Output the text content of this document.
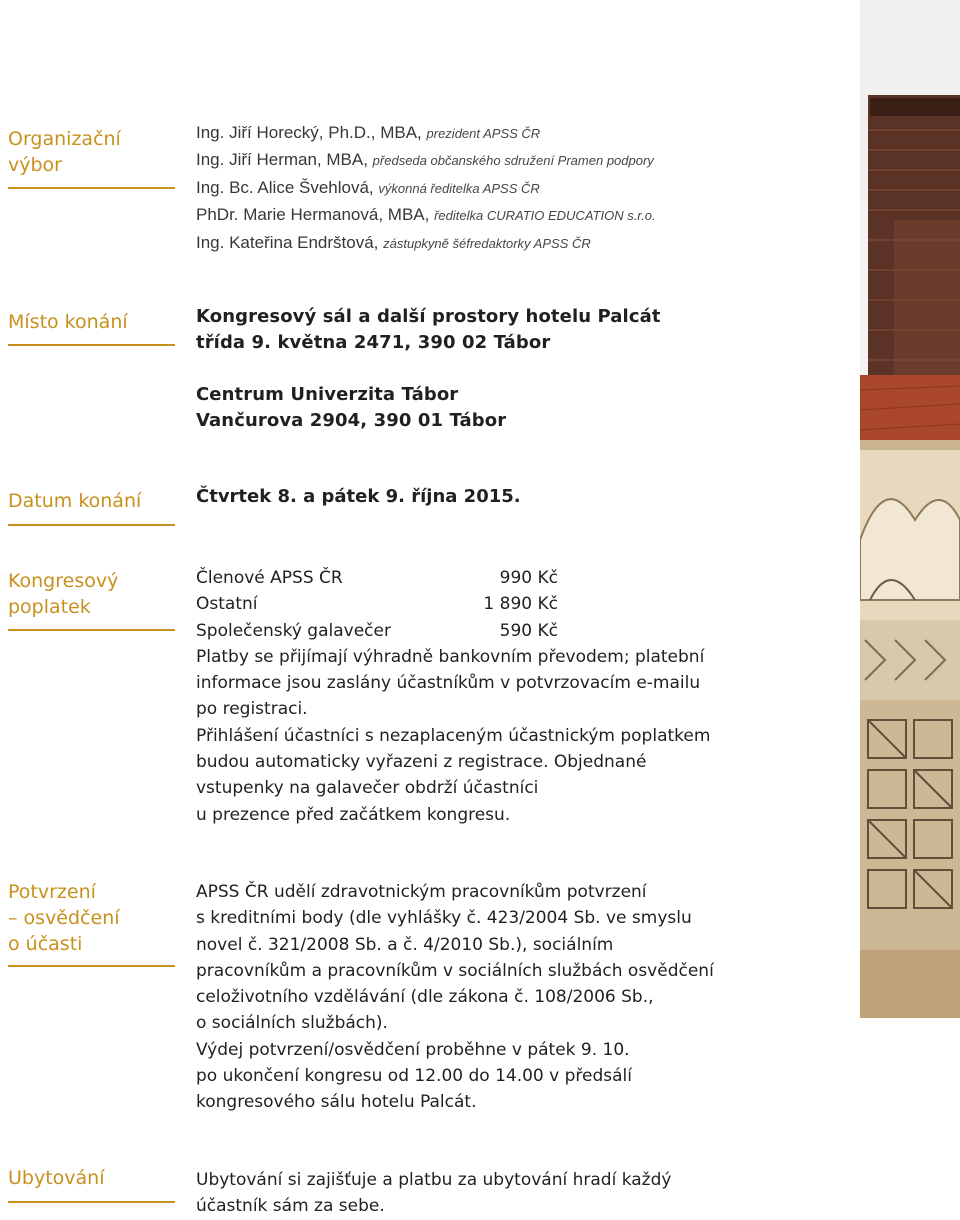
Organizační
výbor
Ing. Jiří Horecký, Ph.D., MBA, prezident APSS ČR
Ing. Jiří Herman, MBA, předseda občanského sdružení Pramen podpory
Ing. Bc. Alice Švehlová, výkonná ředitelka APSS ČR
PhDr. Marie Hermanová, MBA, ředitelka CURATIO EDUCATION s.r.o.
Ing. Kateřina Endrštová, zástupkyně šéfredaktorky APSS ČR
Místo konání	Kongresový sál a další prostory hotelu Palcát
třída 9. května 2471, 390 02 Tábor
Centrum Univerzita Tábor
Vančurova 2904, 390 01 Tábor
Datum konání	Čtvrtek 8. a pátek 9. října 2015.
Kongresový
poplatek
Členové APSS ČR	990 Kč
Ostatní	1 890 Kč
Společenský galavečer	590 Kč

Platby se přijímají výhradně bankovním převodem; platební

informace jsou zaslány účastníkům v potvrzovacím e-mailu

po registraci.

Přihlášení účastníci s nezaplaceným účastnickým poplatkem

budou automaticky vyřazeni z registrace. Objednané

vstupenky na galavečer obdrží účastníci

u prezence před začátkem kongresu.

Potvrzení
– osvědčení
o účasti

APSS ČR udělí zdravotnickým pracovníkům potvrzení

s kreditními body (dle vyhlášky č. 423/2004 Sb. ve smyslu

novel č. 321/2008 Sb. a č. 4/2010 Sb.), sociálním

pracovníkům a pracovníkům v sociálních službách osvědčení

celoživotního vzdělávání (dle zákona č. 108/2006 Sb.,

o sociálních službách).

Výdej potvrzení/osvědčení proběhne v pátek 9. 10.

po ukončení kongresu od 12.00 do 14.00 v předsálí

kongresového sálu hotelu Palcát.

Ubytování	Ubytování si zajišťuje a platbu za ubytování hradí každý

účastník sám za sebe.
